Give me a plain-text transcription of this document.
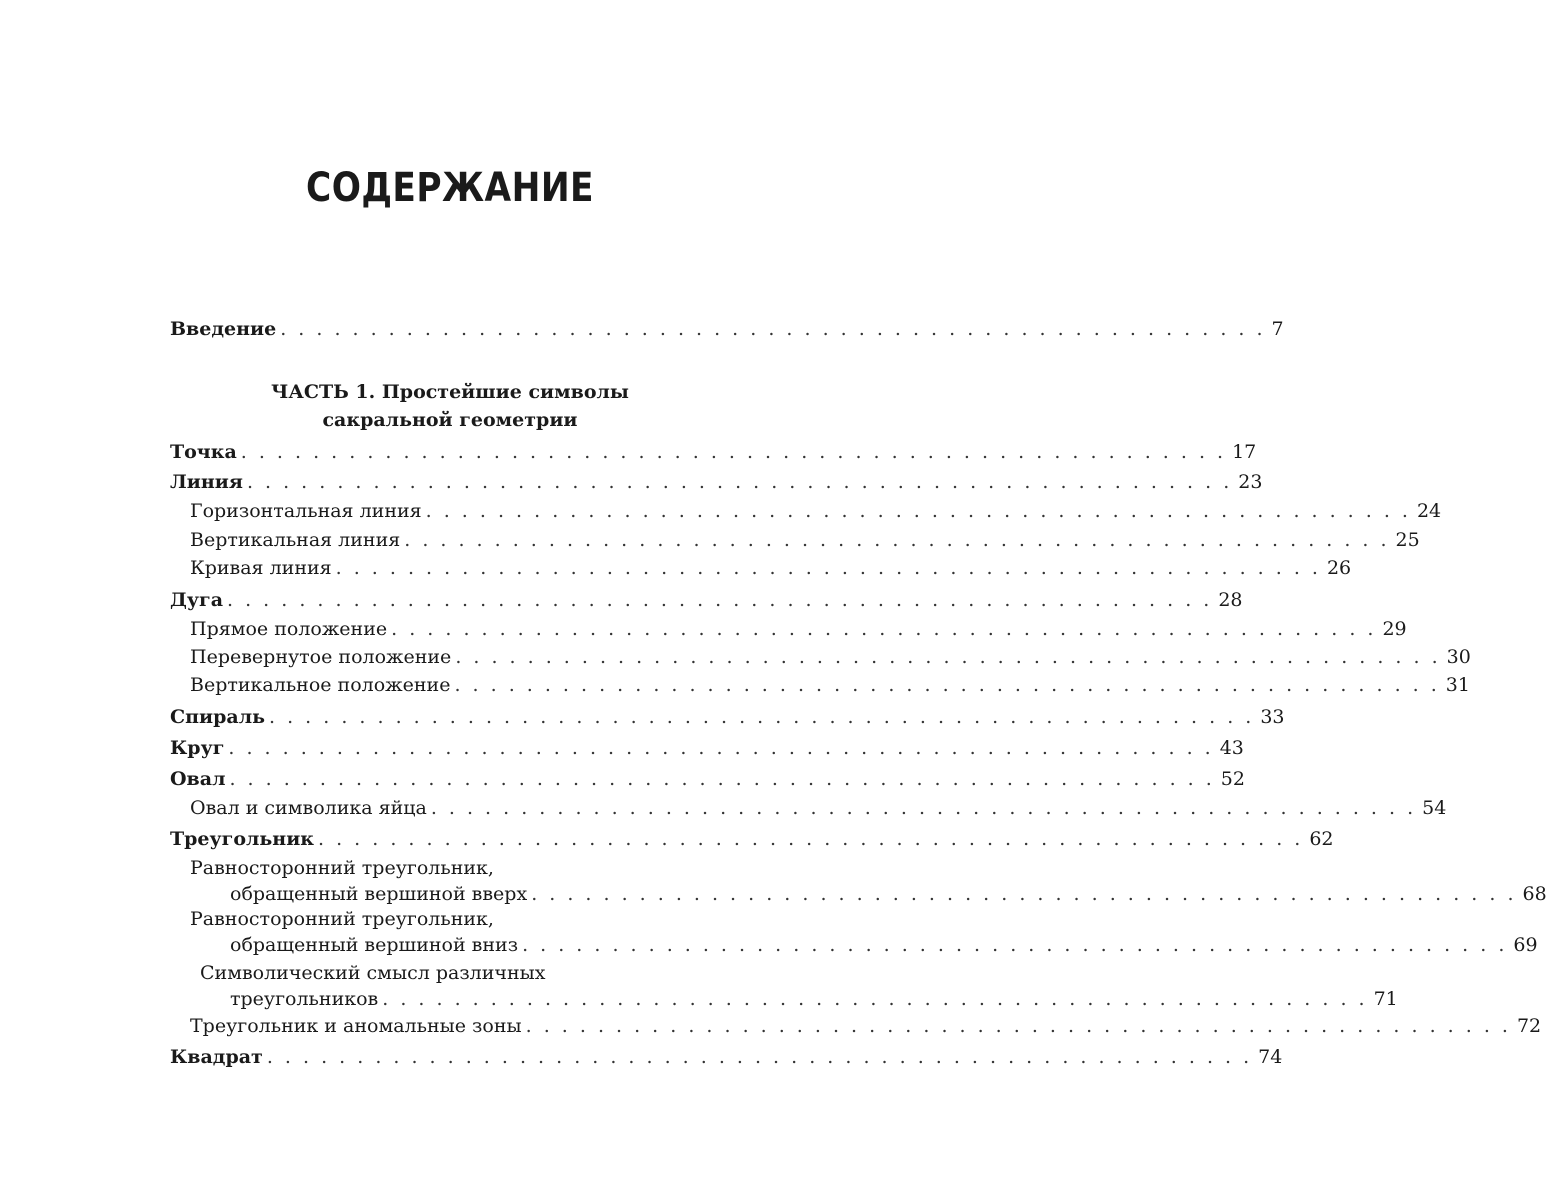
СОДЕРЖАНИЕ
Введение . . . . . . . . . . . . . . . . . . . . . . . . . . . . . . . . . . . . . . . . . . . . . . . . . . . . . . . 7
ЧАСТЬ 1. Простейшие символы
сакральной геометрии
Точка . . . . . . . . . . . . . . . . . . . . . . . . . . . . . . . . . . . . . . . . . . . . . . . . . . . . . . . 17
Линия . . . . . . . . . . . . . . . . . . . . . . . . . . . . . . . . . . . . . . . . . . . . . . . . . . . . . . . 23
Горизонтальная линия . . . . . . . . . . . . . . . . . . . . . . . . . . . . . . . . . . . . . . . . . . . . . . . . . . . . . . . 24
Вертикальная линия . . . . . . . . . . . . . . . . . . . . . . . . . . . . . . . . . . . . . . . . . . . . . . . . . . . . . . . 25
Кривая линия . . . . . . . . . . . . . . . . . . . . . . . . . . . . . . . . . . . . . . . . . . . . . . . . . . . . . . . 26
Дуга . . . . . . . . . . . . . . . . . . . . . . . . . . . . . . . . . . . . . . . . . . . . . . . . . . . . . . . 28
Прямое положение . . . . . . . . . . . . . . . . . . . . . . . . . . . . . . . . . . . . . . . . . . . . . . . . . . . . . . . 29
Перевернутое положение . . . . . . . . . . . . . . . . . . . . . . . . . . . . . . . . . . . . . . . . . . . . . . . . . . . . . . . 30
Вертикальное положение . . . . . . . . . . . . . . . . . . . . . . . . . . . . . . . . . . . . . . . . . . . . . . . . . . . . . . . 31
Спираль . . . . . . . . . . . . . . . . . . . . . . . . . . . . . . . . . . . . . . . . . . . . . . . . . . . . . . . 33
Круг . . . . . . . . . . . . . . . . . . . . . . . . . . . . . . . . . . . . . . . . . . . . . . . . . . . . . . . 43
Овал . . . . . . . . . . . . . . . . . . . . . . . . . . . . . . . . . . . . . . . . . . . . . . . . . . . . . . . 52
Овал и символика яйца . . . . . . . . . . . . . . . . . . . . . . . . . . . . . . . . . . . . . . . . . . . . . . . . . . . . . . . 54
Треугольник . . . . . . . . . . . . . . . . . . . . . . . . . . . . . . . . . . . . . . . . . . . . . . . . . . . . . . . 62
Равносторонний треугольник,
обращенный вершиной вверх . . . . . . . . . . . . . . . . . . . . . . . . . . . . . . . . . . . . . . . . . . . . . . . . . . . . . . . 68
Равносторонний треугольник,
обращенный вершиной вниз . . . . . . . . . . . . . . . . . . . . . . . . . . . . . . . . . . . . . . . . . . . . . . . . . . . . . . . 69
Символический смысл различных
треугольников . . . . . . . . . . . . . . . . . . . . . . . . . . . . . . . . . . . . . . . . . . . . . . . . . . . . . . . 71
Треугольник и аномальные зоны . . . . . . . . . . . . . . . . . . . . . . . . . . . . . . . . . . . . . . . . . . . . . . . . . . . . . . . 72
Квадрат . . . . . . . . . . . . . . . . . . . . . . . . . . . . . . . . . . . . . . . . . . . . . . . . . . . . . . . 74
